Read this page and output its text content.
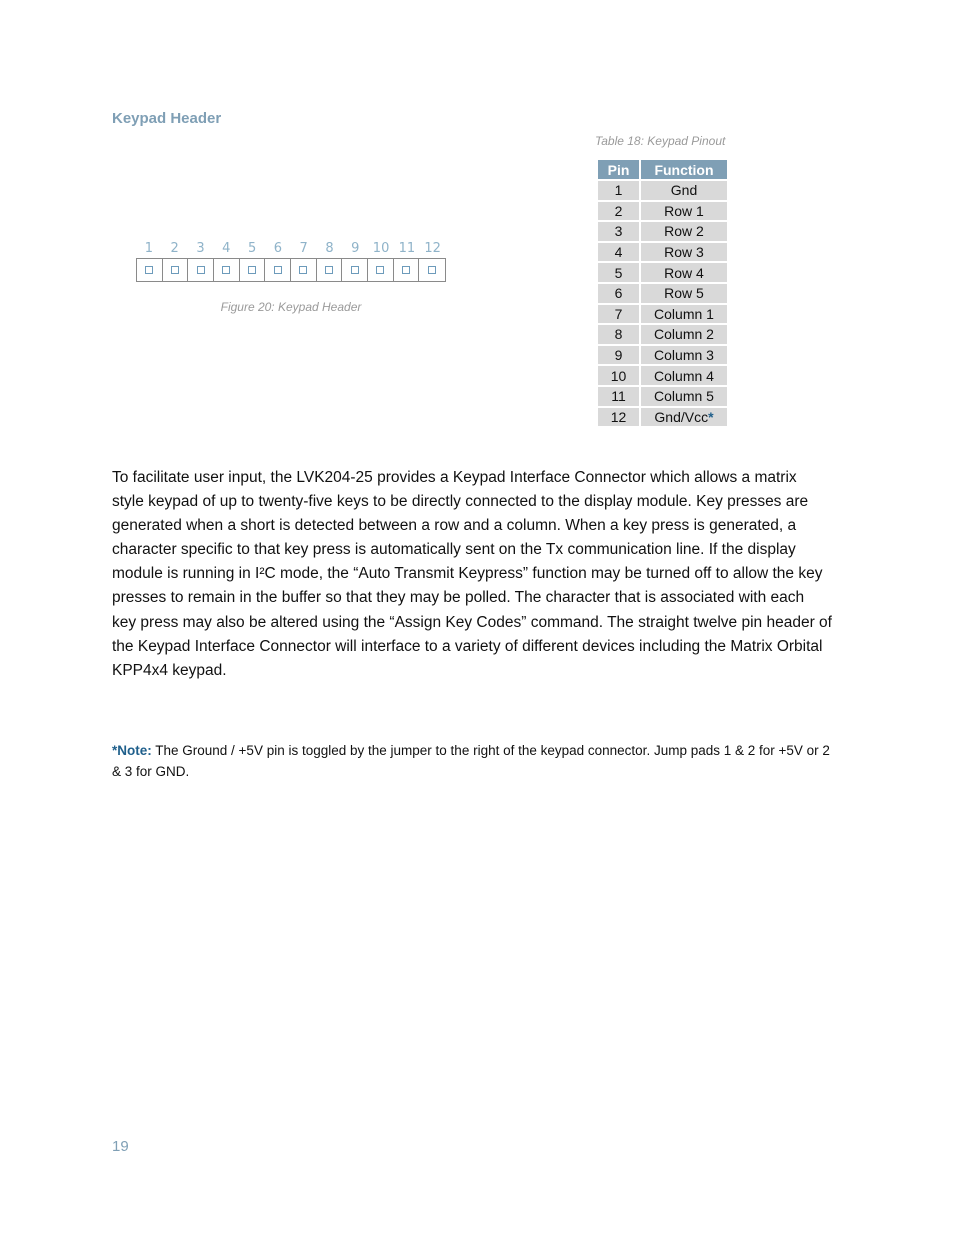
Keypad Header
1	2	3	4	5	6	7	8	9	10 11 12
Figure 20: Keypad Header
Table 18: Keypad Pinout
Pin	Function
1	Gnd
2	Row 1
3	Row 2
4	Row 3
5	Row 4
6	Row 5
7	Column 1
8	Column 2
9	Column 3
10	Column 4
11	Column 5
12	Gnd/Vcc*
To facilitate user input, the LVK204-25 provides a Keypad Interface Connector which allows a matrix style keypad of up to twenty-five keys to be directly connected to the display module. Key presses are generated when a short is detected between a row and a column. When a key press is generated, a character specific to that key press is automatically sent on the Tx communication line. If the display module is running in I²C mode, the “Auto Transmit Keypress” function may be turned off to allow the key presses to remain in the buffer so that they may be polled. The character that is associated with each key press may also be altered using the “Assign Key Codes” command. The straight twelve pin header of the Keypad Interface Connector will interface to a variety of different devices including the Matrix Orbital KPP4x4 keypad.
*Note: The Ground / +5V pin is toggled by the jumper to the right of the keypad connector. Jump pads 1 & 2 for +5V or 2 & 3 for GND.
19
